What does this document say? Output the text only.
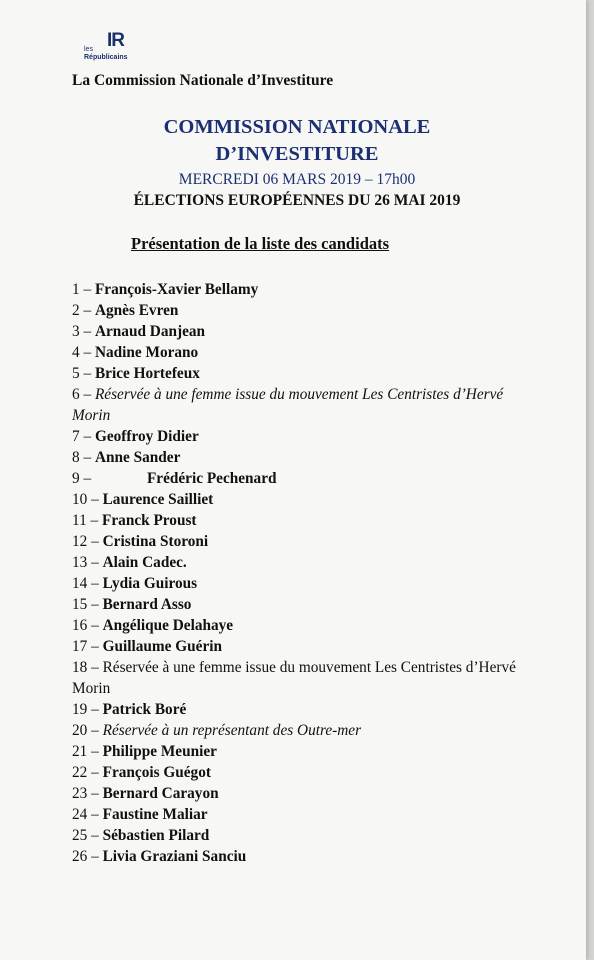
IR
les
Républicains
La Commission Nationale d’Investiture
COMMISSION NATIONALE
D’INVESTITURE
MERCREDI 06 MARS 2019 – 17h00
ÉLECTIONS EUROPÉENNES DU 26 MAI 2019
Présentation de la liste des candidats
1 – François-Xavier Bellamy
2 – Agnès Evren
3 – Arnaud Danjean
4 – Nadine Morano
5 – Brice Hortefeux
6 – Réservée à une femme issue du mouvement Les Centristes d’Hervé Morin
7 – Geoffroy Didier
8 – Anne Sander
9 –	Frédéric Pechenard
10 – Laurence Sailliet
11 – Franck Proust
12 – Cristina Storoni
13 – Alain Cadec.
14 – Lydia Guirous
15 – Bernard Asso
16 – Angélique Delahaye
17 – Guillaume Guérin
18 – Réservée à une femme issue du mouvement Les Centristes d’Hervé Morin
19 – Patrick Boré
20 – Réservée à un représentant des Outre-mer
21 – Philippe Meunier
22 – François Guégot
23 – Bernard Carayon
24 – Faustine Maliar
25 – Sébastien Pilard
26 – Livia Graziani Sanciu
